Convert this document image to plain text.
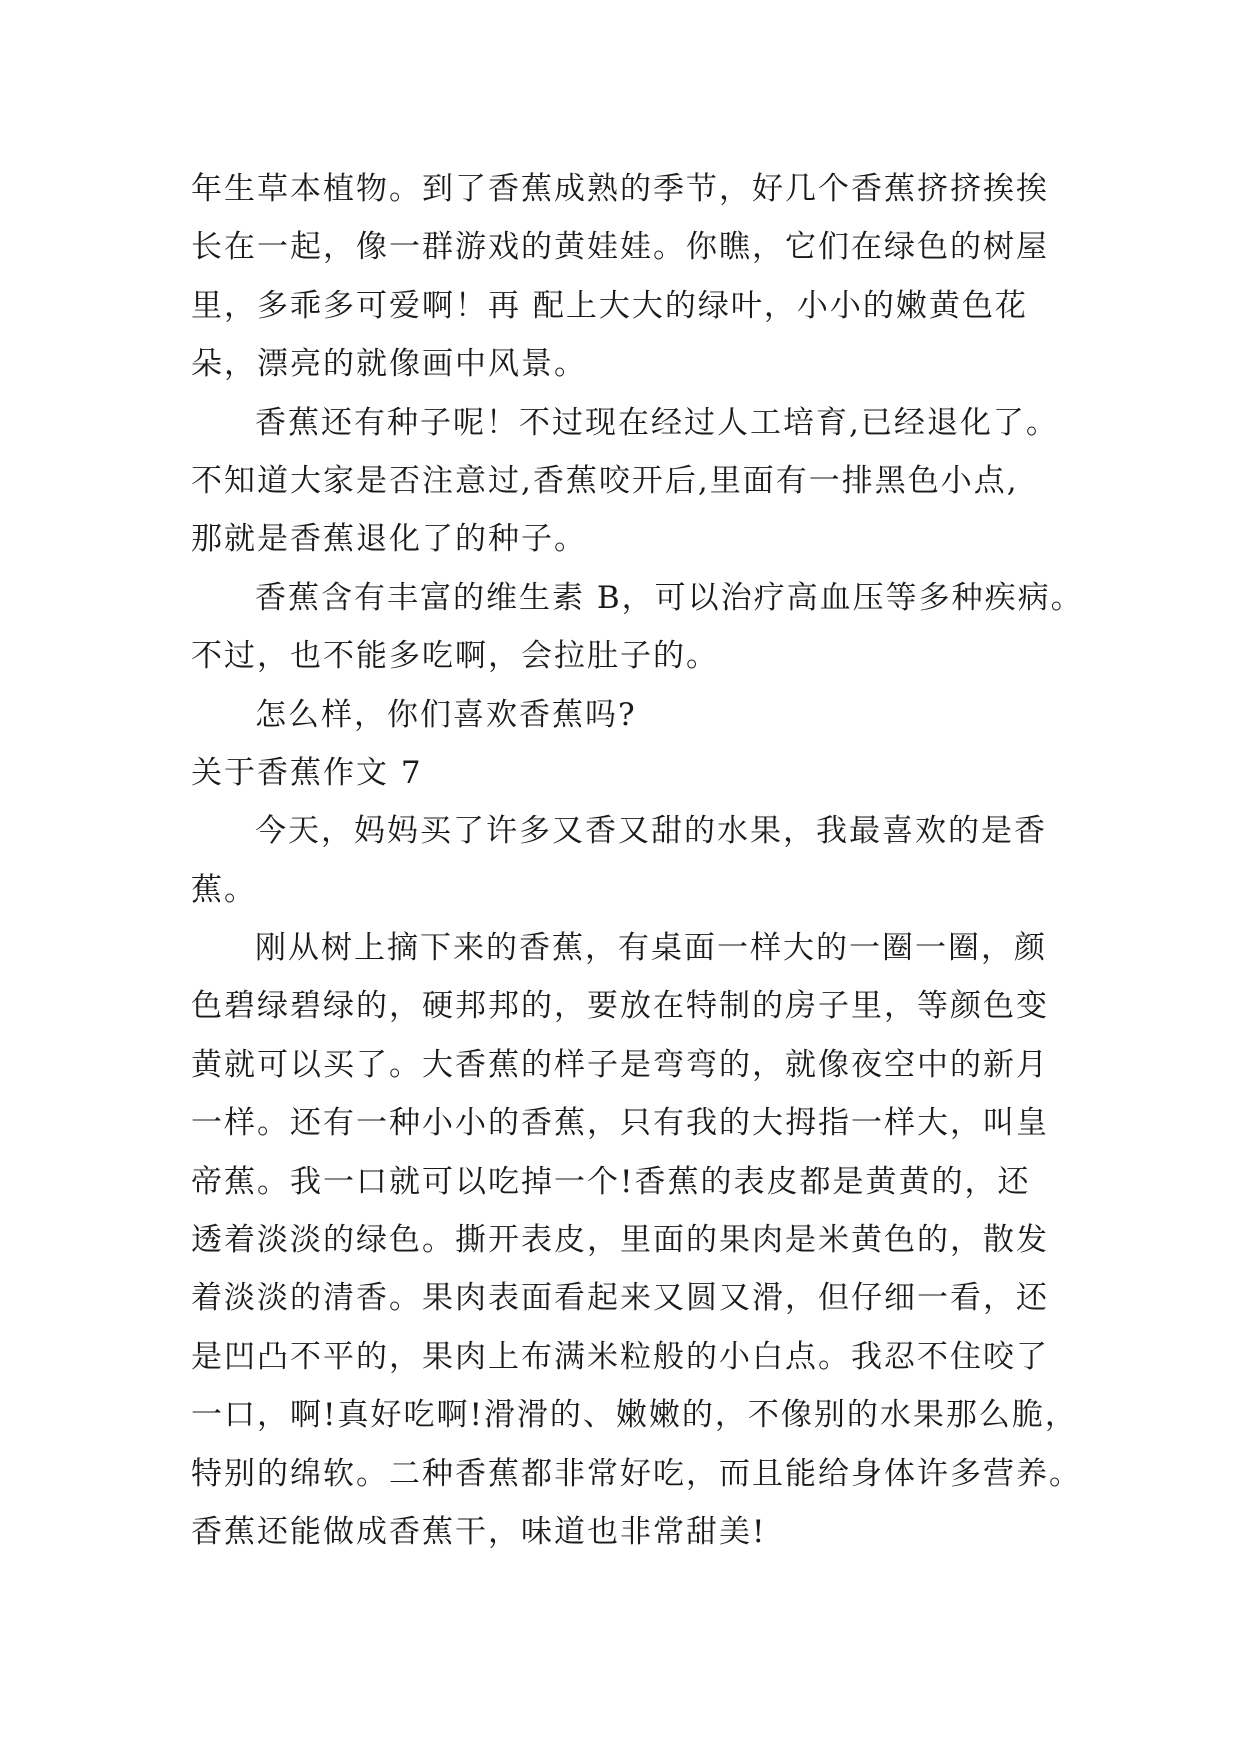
年生草本植物。到了香蕉成熟的季节，好几个香蕉挤挤挨挨
长在一起，像一群游戏的黄娃娃。你瞧，它们在绿色的树屋
里，多乖多可爱啊！再 配上大大的绿叶，小小的嫩黄色花
朵，漂亮的就像画中风景。
香蕉还有种子呢！不过现在经过人工培育,已经退化了。
不知道大家是否注意过,香蕉咬开后,里面有一排黑色小点,
那就是香蕉退化了的种子。
香蕉含有丰富的维生素 B，可以治疗高血压等多种疾病。
不过，也不能多吃啊，会拉肚子的。
怎么样，你们喜欢香蕉吗?
关于香蕉作文 7
今天，妈妈买了许多又香又甜的水果，我最喜欢的是香
蕉。
刚从树上摘下来的香蕉，有桌面一样大的一圈一圈，颜
色碧绿碧绿的，硬邦邦的，要放在特制的房子里，等颜色变
黄就可以买了。大香蕉的样子是弯弯的，就像夜空中的新月
一样。还有一种小小的香蕉，只有我的大拇指一样大，叫皇
帝蕉。我一口就可以吃掉一个!香蕉的表皮都是黄黄的，还
透着淡淡的绿色。撕开表皮，里面的果肉是米黄色的，散发
着淡淡的清香。果肉表面看起来又圆又滑，但仔细一看，还
是凹凸不平的，果肉上布满米粒般的小白点。我忍不住咬了
一口，啊!真好吃啊!滑滑的、嫩嫩的，不像别的水果那么脆，
特别的绵软。二种香蕉都非常好吃，而且能给身体许多营养。
香蕉还能做成香蕉干，味道也非常甜美!
